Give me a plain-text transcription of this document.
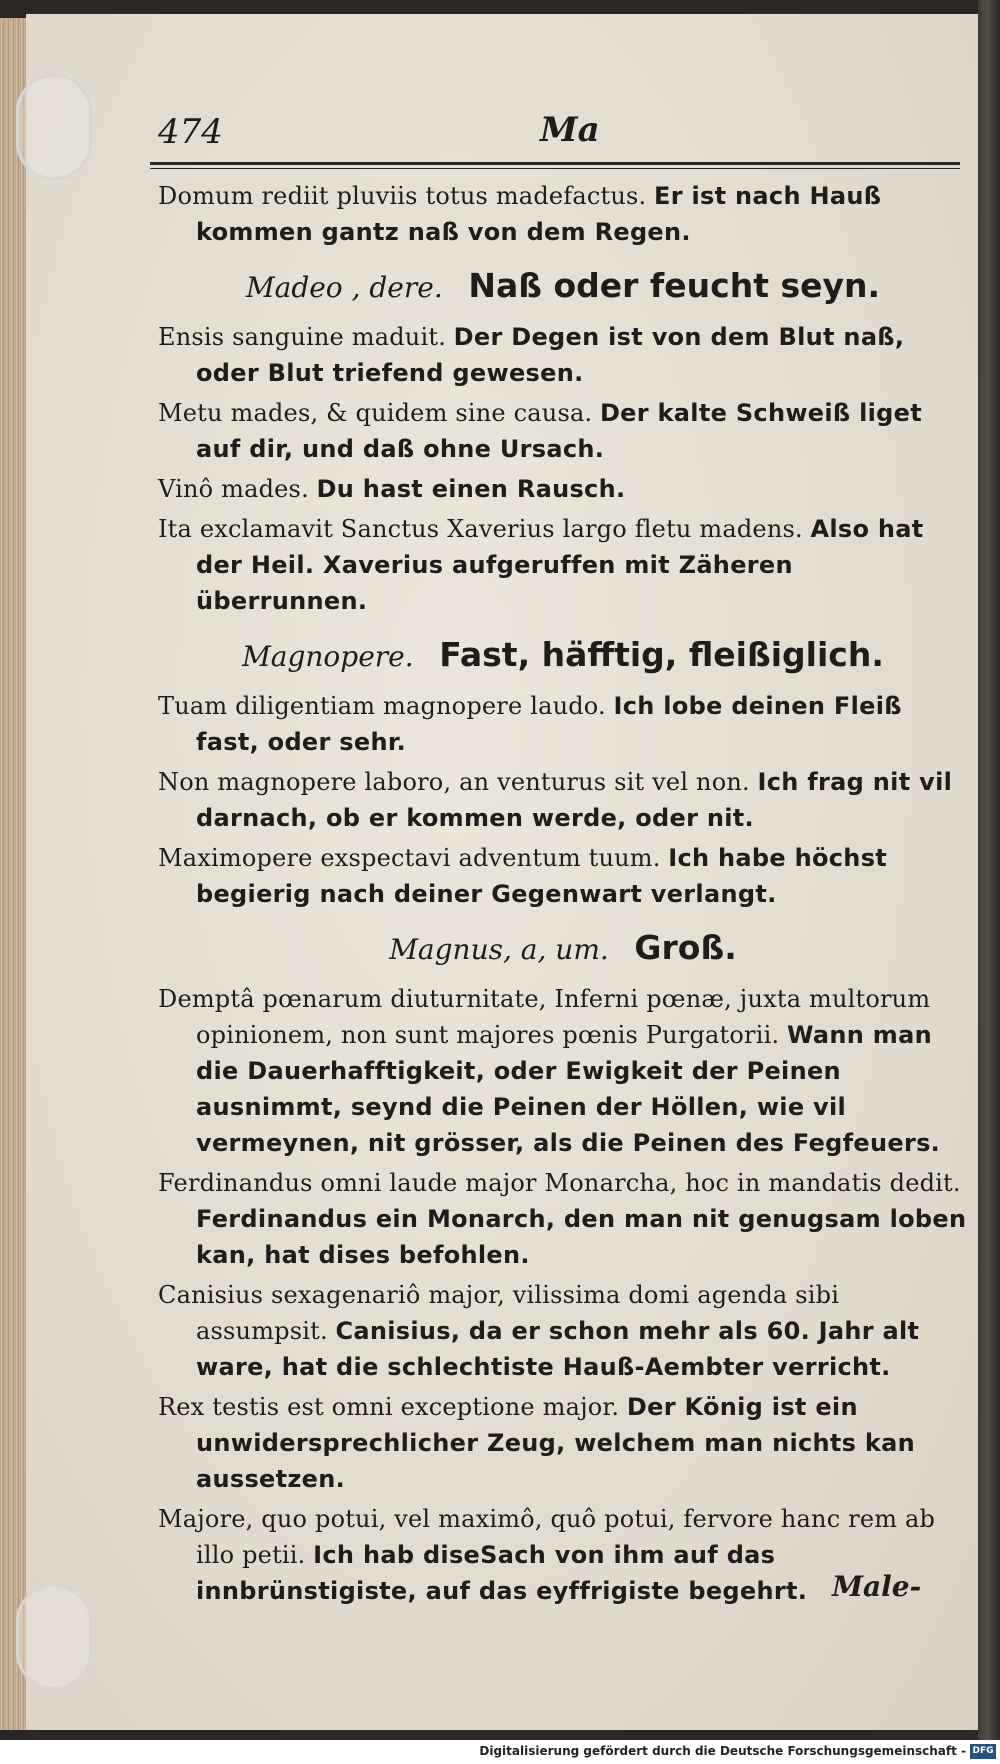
474	Ma
Domum rediit pluviis totus madefactus. Er ist nach Hauß kommen gantz naß von dem Regen.
Madeo , dere. Naß oder feucht seyn.
Ensis sanguine maduit. Der Degen ist von dem Blut naß, oder Blut triefend gewesen.
Metu mades, & quidem sine causa. Der kalte Schweiß liget auf dir, und daß ohne Ursach.
Vinô mades. Du hast einen Rausch.
Ita exclamavit Sanctus Xaverius largo fletu madens. Also hat der Heil. Xaverius aufgeruffen mit Zäheren überrunnen.
Magnopere. Fast, häfftig, fleißiglich.
Tuam diligentiam magnopere laudo. Ich lobe deinen Fleiß fast, oder sehr.
Non magnopere laboro, an venturus sit vel non. Ich frag nit vil darnach, ob er kommen werde, oder nit.
Maximopere exspectavi adventum tuum. Ich habe höchst begierig nach deiner Gegenwart verlangt.
Magnus, a, um. Groß.
Demptâ pœnarum diuturnitate, Inferni pœnæ, juxta multorum opinionem, non sunt majores pœnis Purgatorii. Wann man die Dauerhafftigkeit, oder Ewigkeit der Peinen ausnimmt, seynd die Peinen der Höllen, wie vil vermeynen, nit grösser, als die Peinen des Fegfeuers.
Ferdinandus omni laude major Monarcha, hoc in mandatis dedit. Ferdinandus ein Monarch, den man nit genugsam loben kan, hat dises befohlen.
Canisius sexagenariô major, vilissima domi agenda sibi assumpsit. Canisius, da er schon mehr als 60. Jahr alt ware, hat die schlechtiste Hauß-Aembter verricht.
Rex testis est omni exceptione major. Der König ist ein unwidersprechlicher Zeug, welchem man nichts kan aussetzen.
Majore, quo potui, vel maximô, quô potui, fervore hanc rem ab illo petii. Ich hab diseSach von ihm auf das innbrünstigiste, auf das eyffrigiste begehrt. Male-
Digitalisierung gefördert durch die Deutsche Forschungsgemeinschaft - DFG
